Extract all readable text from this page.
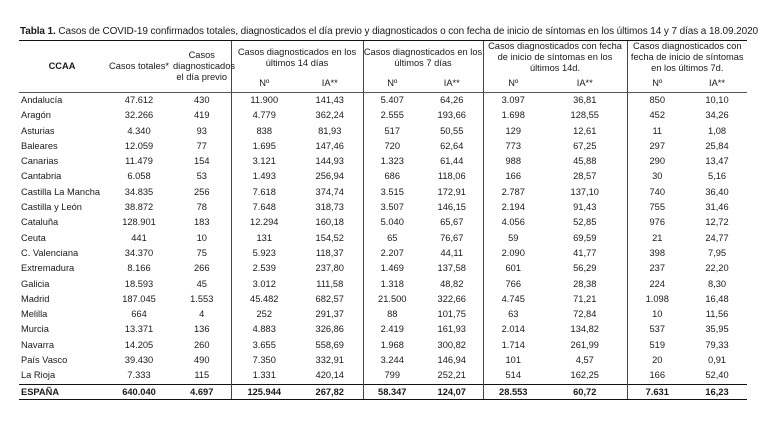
Tabla 1. Casos de COVID-19 confirmados totales, diagnosticados el día previo y diagnosticados o con fecha de inicio de síntomas en los últimos 14 y 7 días a 18.09.2020
CCAA	Casos totales*	Casos diagnosticados el día previo	Casos diagnosticados en los últimos 14 días		Casos diagnosticados en los últimos 7 días		Casos diagnosticados con fecha de inicio de síntomas en los últimos 14d.		Casos diagnosticados con fecha de inicio de síntomas en los últimos 7d.	
			Nº	IA**	Nº	IA**	Nº	IA**	Nº	IA**
Andalucía	47.612	430	11.900	141,43	5.407	64,26	3.097	36,81	850	10,10
Aragón	32.266	419	4.779	362,24	2.555	193,66	1.698	128,55	452	34,26
Asturias	4.340	93	838	81,93	517	50,55	129	12,61	11	1,08
Baleares	12.059	77	1.695	147,46	720	62,64	773	67,25	297	25,84
Canarias	11.479	154	3.121	144,93	1.323	61,44	988	45,88	290	13,47
Cantabria	6.058	53	1.493	256,94	686	118,06	166	28,57	30	5,16
Castilla La Mancha	34.835	256	7.618	374,74	3.515	172,91	2.787	137,10	740	36,40
Castilla y León	38.872	78	7.648	318,73	3.507	146,15	2.194	91,43	755	31,46
Cataluña	128.901	183	12.294	160,18	5.040	65,67	4.056	52,85	976	12,72
Ceuta	441	10	131	154,52	65	76,67	59	69,59	21	24,77
C. Valenciana	34.370	75	5.923	118,37	2.207	44,11	2.090	41,77	398	7,95
Extremadura	8.166	266	2.539	237,80	1.469	137,58	601	56,29	237	22,20
Galicia	18.593	45	3.012	111,58	1.318	48,82	766	28,38	224	8,30
Madrid	187.045	1.553	45.482	682,57	21.500	322,66	4.745	71,21	1.098	16,48
Melilla	664	4	252	291,37	88	101,75	63	72,84	10	11,56
Murcia	13.371	136	4.883	326,86	2.419	161,93	2.014	134,82	537	35,95
Navarra	14.205	260	3.655	558,69	1.968	300,82	1.714	261,99	519	79,33
País Vasco	39.430	490	7.350	332,91	3.244	146,94	101	4,57	20	0,91
La Rioja	7.333	115	1.331	420,14	799	252,21	514	162,25	166	52,40
ESPAÑA	640.040	4.697	125.944	267,82	58.347	124,07	28.553	60,72	7.631	16,23
